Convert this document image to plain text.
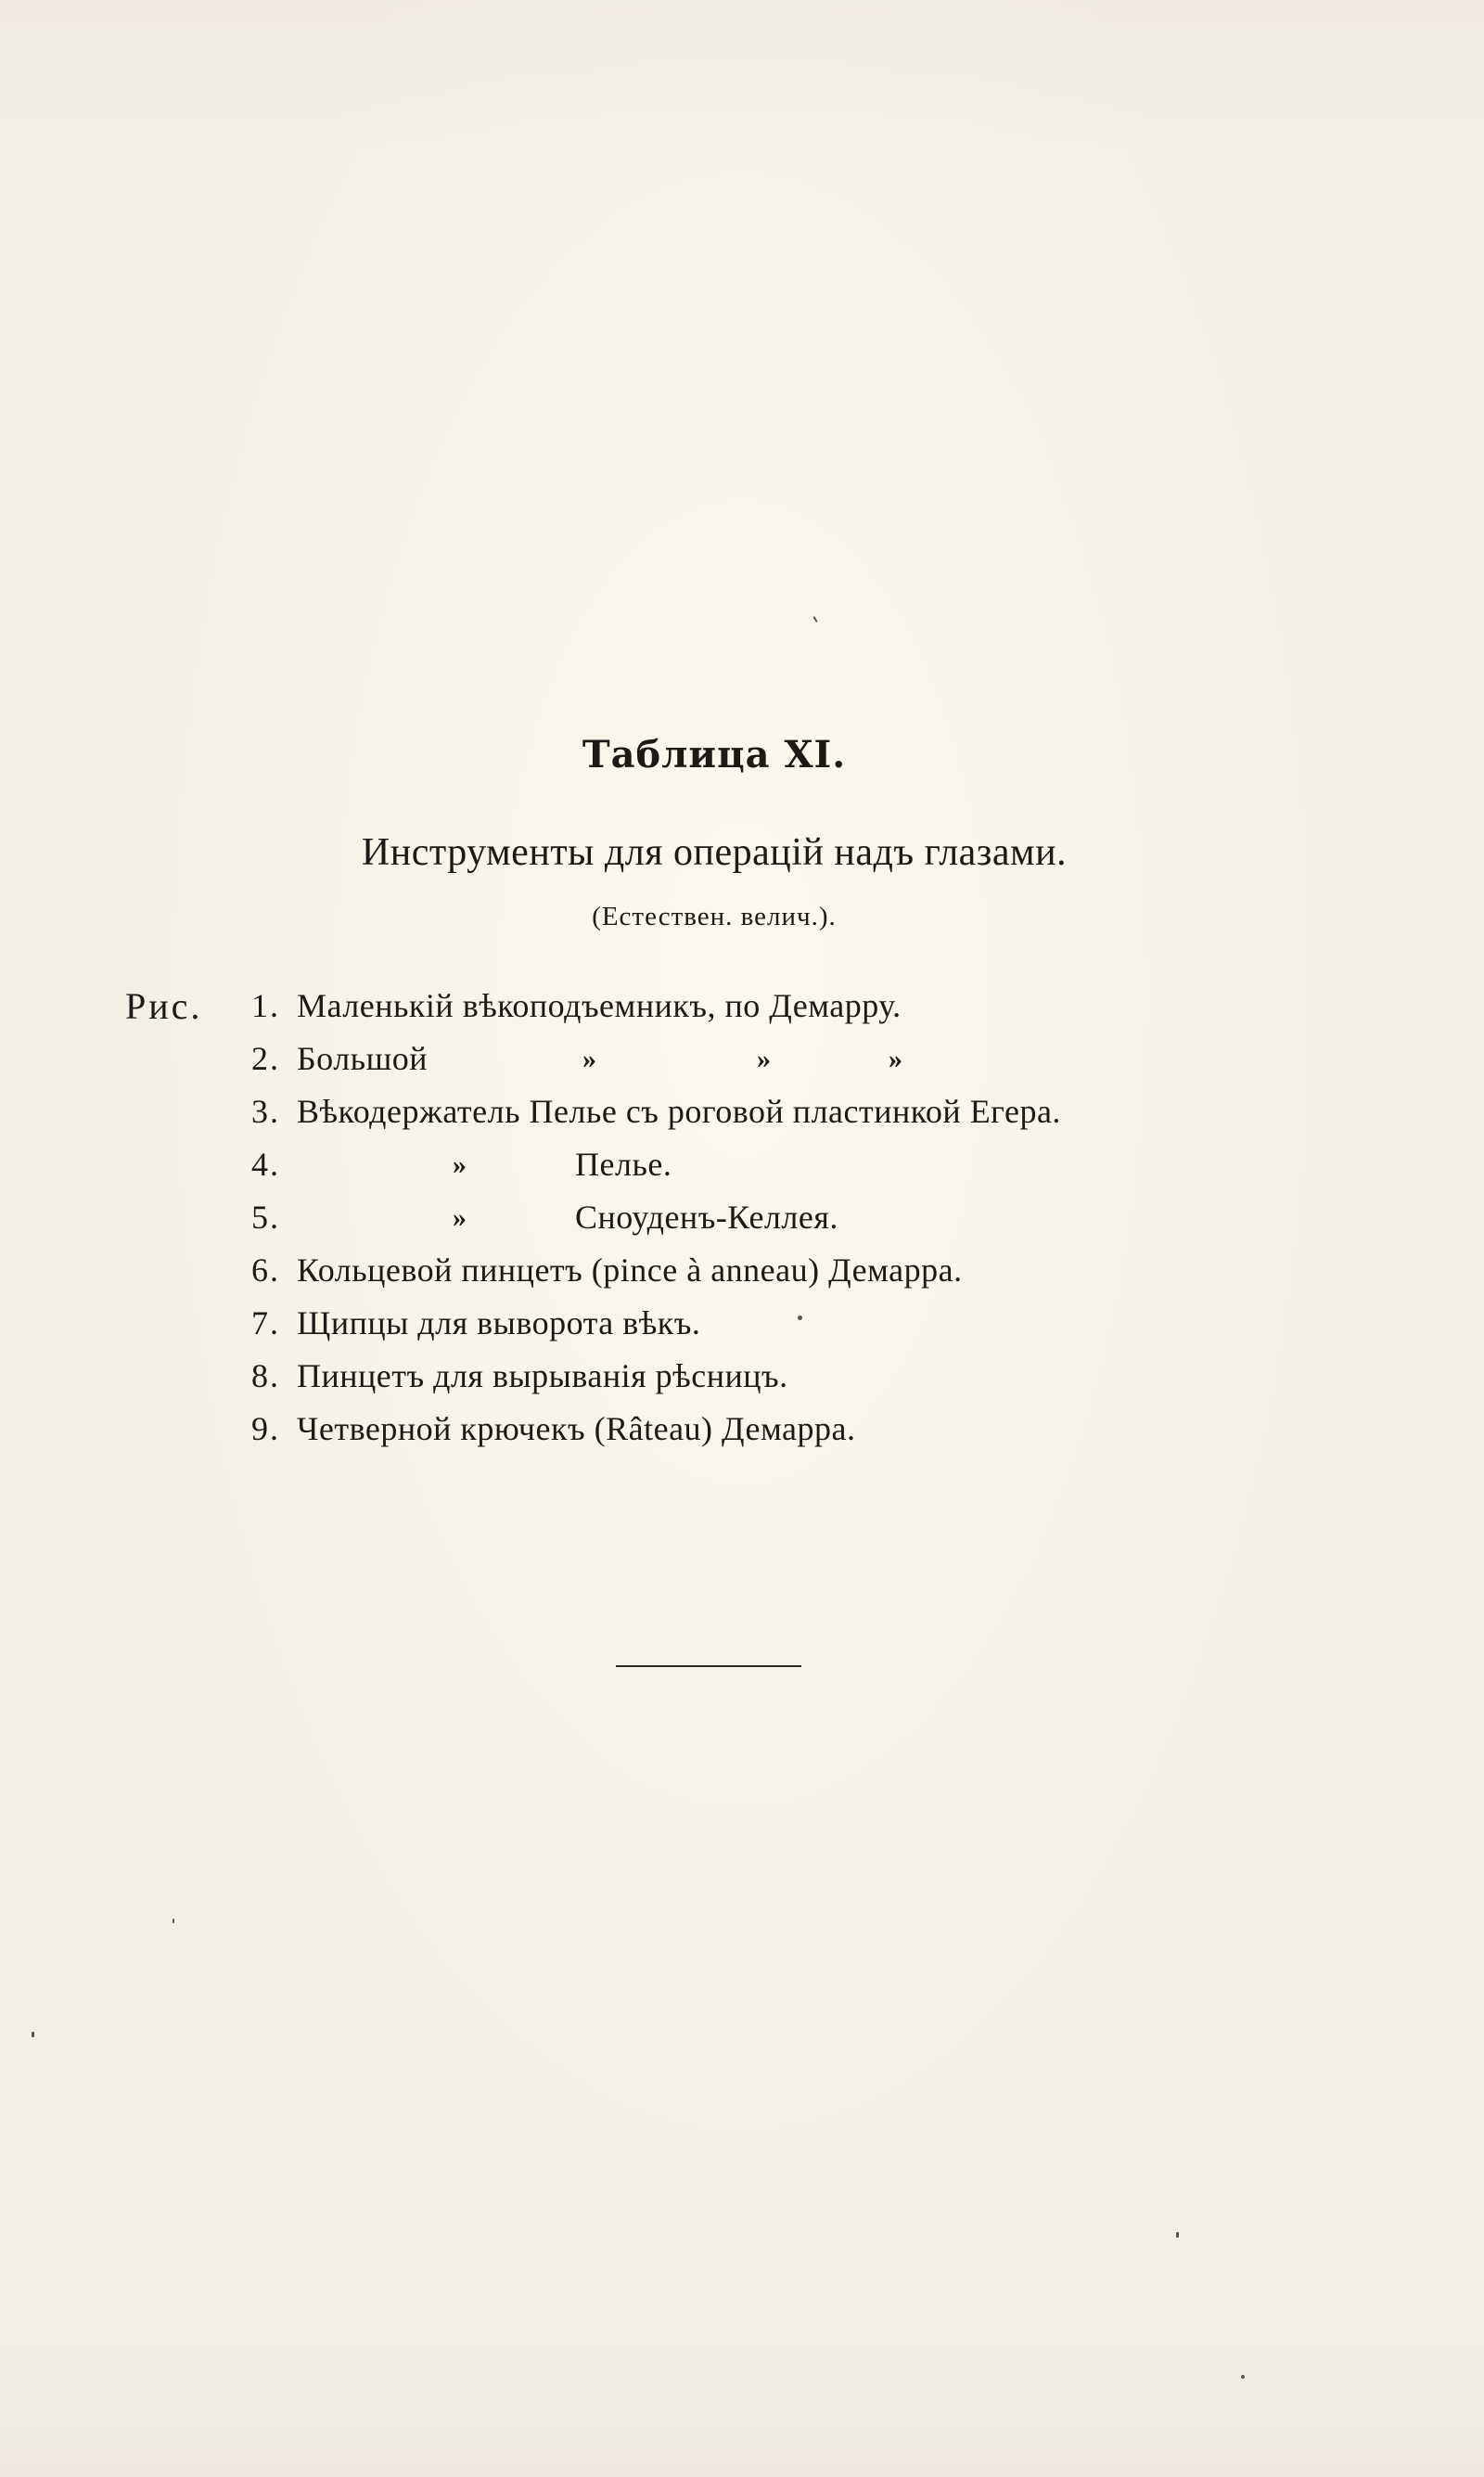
Таблица XI.
Инструменты для операцій надъ глазами.
(Естествен. велич.).
Рис. 1. Маленькій вѣкоподъемникъ, по Демарру.
2. Большой	»	»	»
3. Вѣкодержатель Пелье съ роговой пластинкой Егера.
4.	»	Пелье.
5.	»	Сноуденъ-Келлея.
6. Кольцевой пинцетъ (pince à anneau) Демарра.
7. Щипцы для выворота вѣкъ.
8. Пинцетъ для вырыванія рѣсницъ.
9. Четверной крючекъ (Râteau) Демарра.
